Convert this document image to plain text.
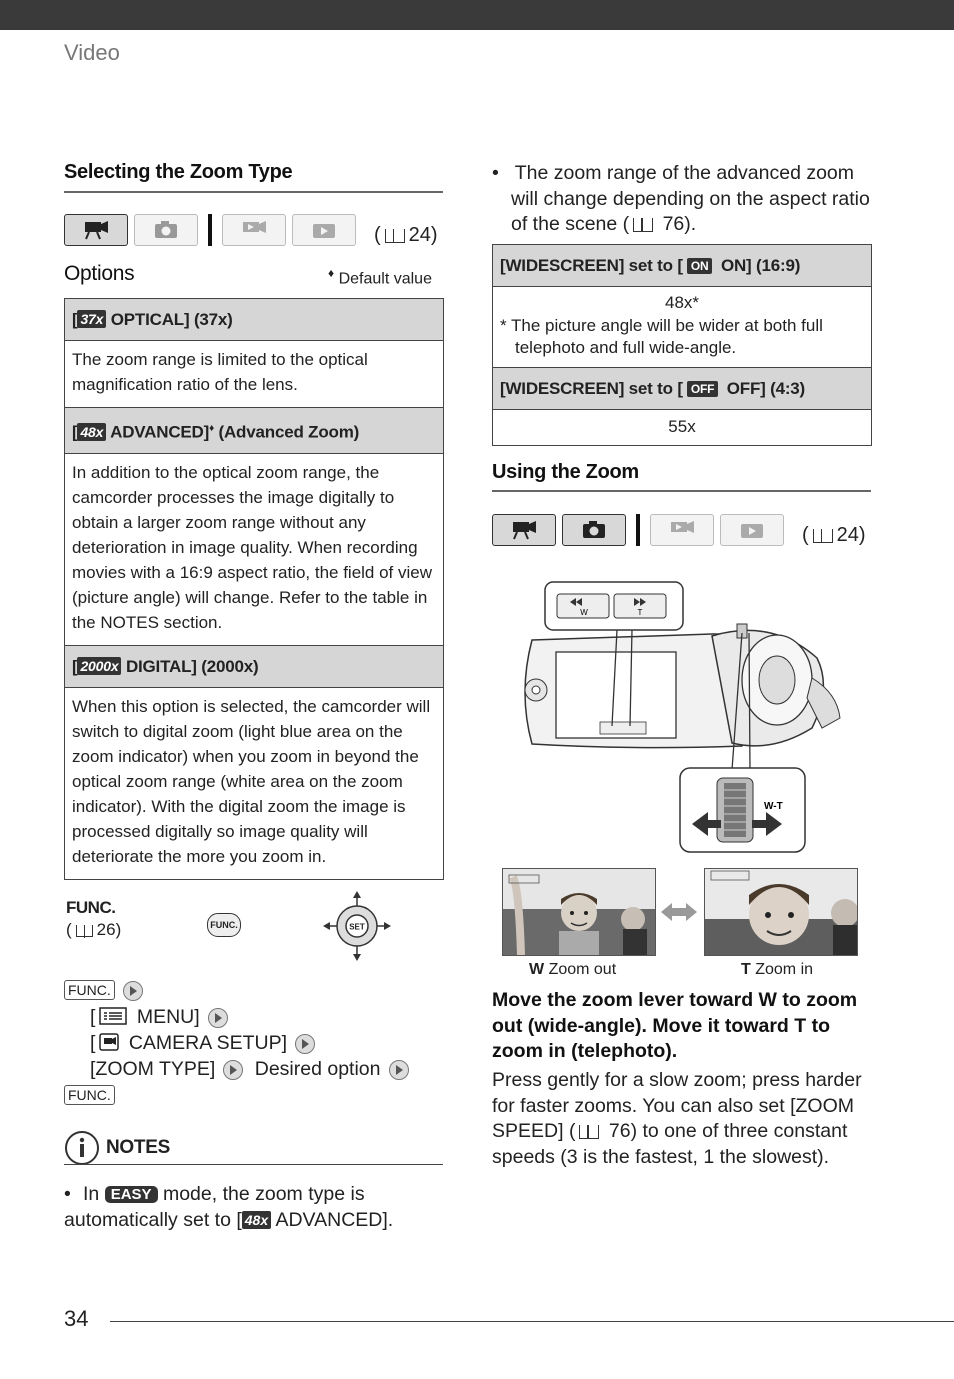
Video
Selecting the Zoom Type
( 24)
Options	♦ Default value
[ 37x OPTICAL] (37x)
The zoom range is limited to the optical magnification ratio of the lens.
[ 48x ADVANCED]♦ (Advanced Zoom)
In addition to the optical zoom range, the camcorder processes the image digitally to obtain a larger zoom range without any deterioration in image quality. When recording movies with a 16:9 aspect ratio, the field of view (picture angle) will change. Refer to the table in the NOTES section.
[ 2000x DIGITAL] (2000x)
When this option is selected, the camcorder will switch to digital zoom (light blue area on the zoom indicator) when you zoom in beyond the optical zoom range (white area on the zoom indicator). With the digital zoom the image is processed digitally so image quality will deteriorate the more you zoom in.
FUNC.
( 26)	FUNC.	SET
FUNC.
[ MENU]
[ CAMERA SETUP]
[ZOOM TYPE] Desired option
FUNC.
NOTES
• In EASY mode, the zoom type is automatically set to [ 48x ADVANCED].
•   The zoom range of the advanced zoom will change depending on the aspect ratio of the scene ( 76).
[WIDESCREEN] set to [ ON ON] (16:9)

48x*
* The picture angle will be wider at both full telephoto and full wide-angle.

[WIDESCREEN] set to [ OFF OFF] (4:3)
55x
Using the Zoom
( 24)
W	T
W-T
W Zoom out	T Zoom in
Move the zoom lever toward W to zoom out (wide-angle). Move it toward T to zoom in (telephoto).
Press gently for a slow zoom; press harder for faster zooms. You can also set [ZOOM SPEED] ( 76) to one of three constant speeds (3 is the fastest, 1 the slowest).
34
